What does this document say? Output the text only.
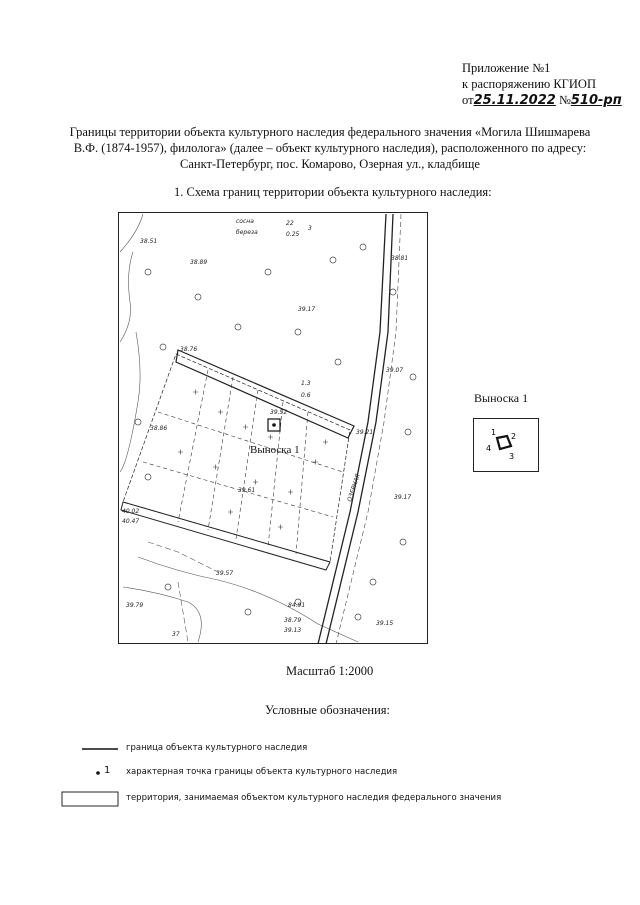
Приложение №1
к распоряжению КГИОП
от25.11.2022 №510-рп
Границы территории объекта культурного наследия федерального значения «Могила Шишмарева
В.Ф. (1874-1957), филолога» (далее – объект культурного наследия), расположенного по адресу:
Санкт-Петербург, пос. Комарово, Озерная ул., кладбище
1. Схема границ территории объекта культурного наследия:
ОЗЕРНАЯ
Выноска 1
сосна
береза
22
0.25
3
38.51
38.89
38.81
39.17
38.76
39.07
1.3
0.6
39.52
38.86
39.21
39.61
39.17
40.02
40.47
39.57
39.79	84.91
38.79
39.13
39.15
37
Выноска 1
1 2
3
4
Масштаб 1:2000
Условные обозначения:
граница объекта культурного наследия
1 характерная точка границы объекта культурного наследия
территория, занимаемая объектом культурного наследия федерального значения
